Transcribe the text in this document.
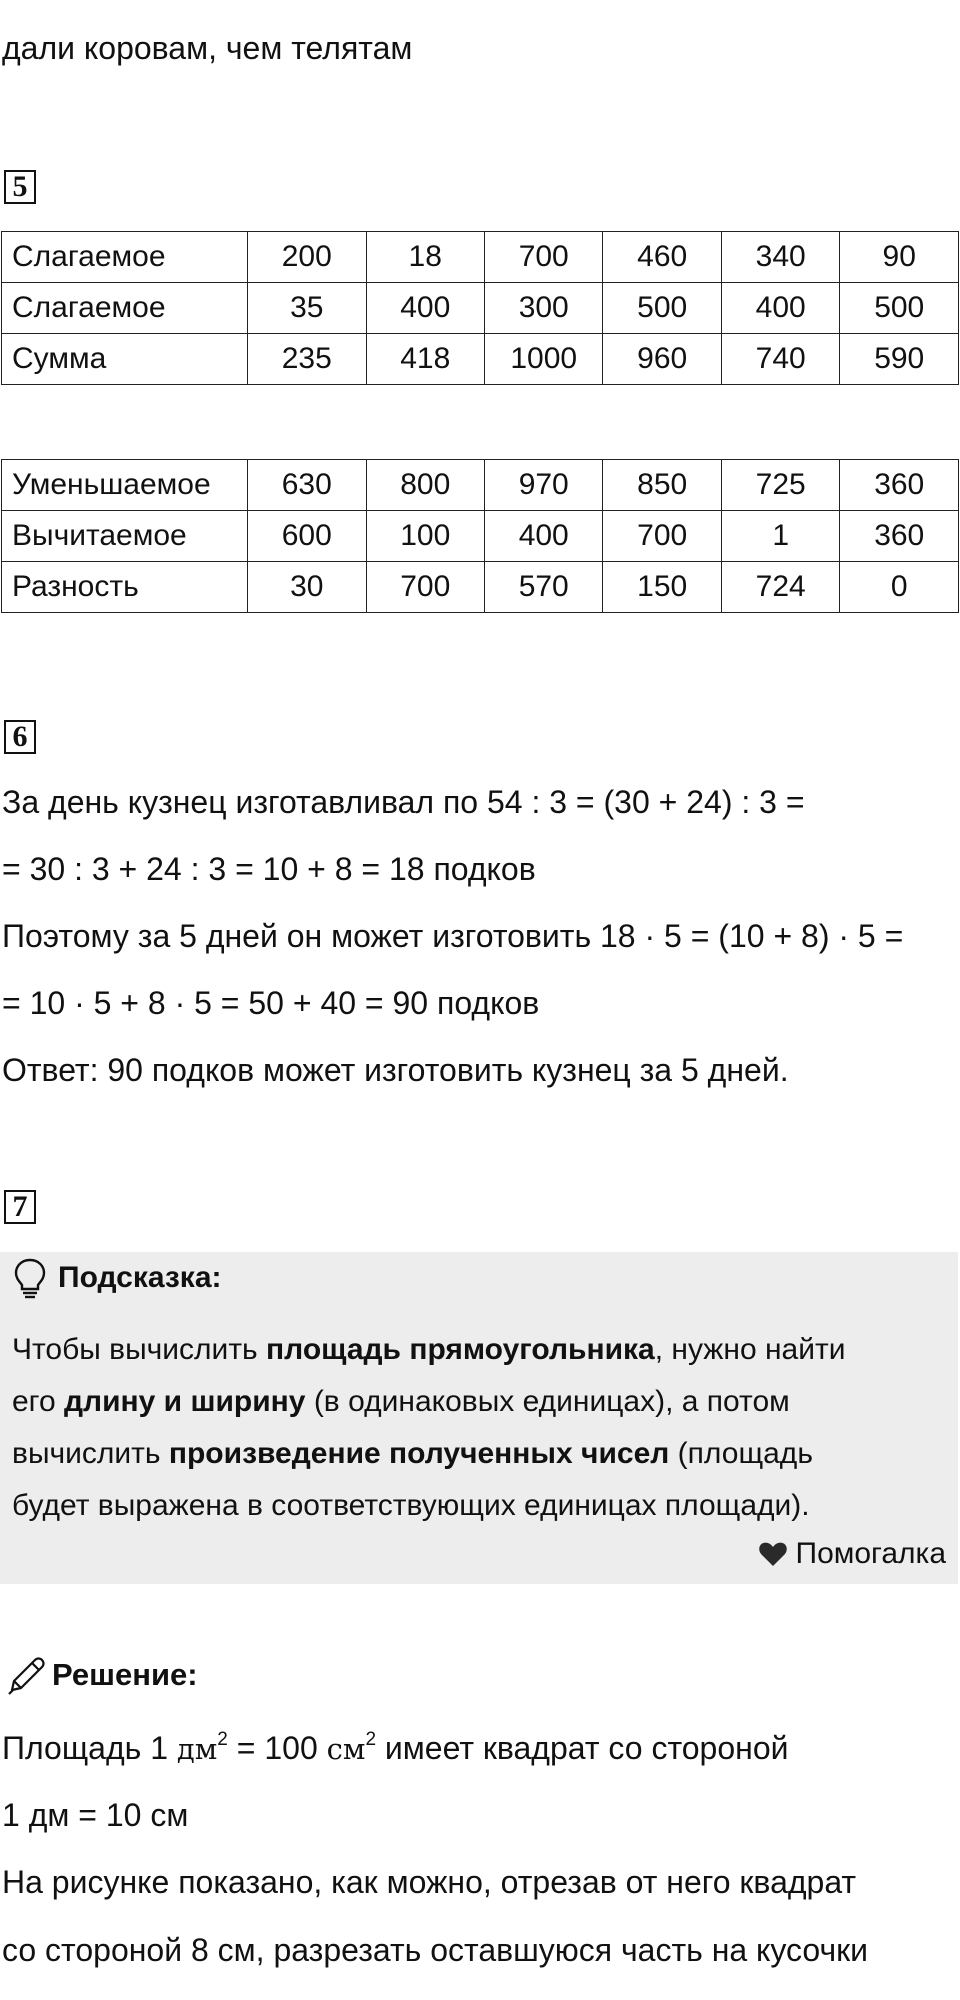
дали коровам, чем телятам
5
Слагаемое	200	18	700	460	340	90
Слагаемое	35	400	300	500	400	500
Сумма	235	418	1000	960	740	590
Уменьшаемое	630	800	970	850	725	360
Вычитаемое	600	100	400	700	1	360
Разность	30	700	570	150	724	0
6
За день кузнец изготавливал по 54 : 3 = (30 + 24) : 3 =
= 30 : 3 + 24 : 3 = 10 + 8 = 18 подков
Поэтому за 5 дней он может изготовить 18 · 5 = (10 + 8) · 5 =
= 10 · 5 + 8 · 5 = 50 + 40 = 90 подков
Ответ: 90 подков может изготовить кузнец за 5 дней.
7
Подсказка:
Чтобы вычислить площадь прямоугольника, нужно найти
его длину и ширину (в одинаковых единицах), а потом
вычислить произведение полученных чисел (площадь
будет выражена в соответствующих единицах площади).
Помогалка
Решение:
Площадь 1 $дм^2 = 100$ $см^2$ имеет квадрат со стороной
1 дм = 10 см
На рисунке показано, как можно, отрезав от него квадрат
со стороной 8 см, разрезать оставшуюся часть на кусочки
